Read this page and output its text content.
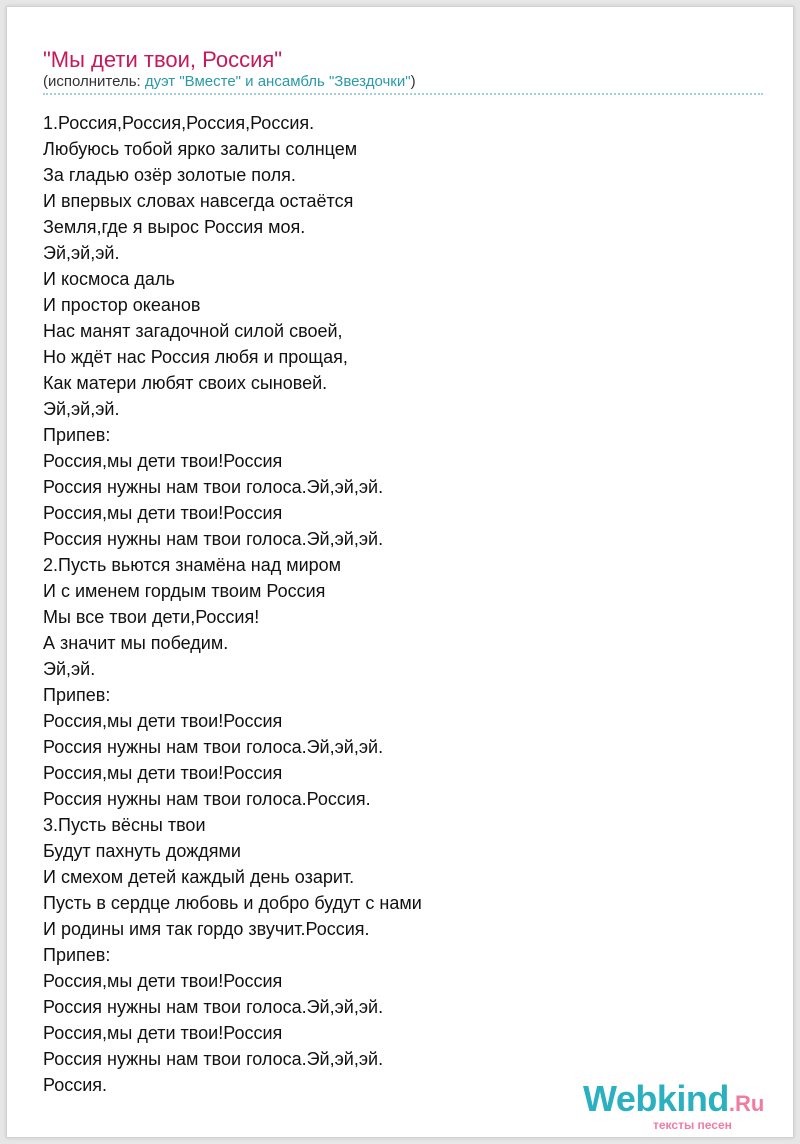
"Мы дети твои, Россия"
(исполнитель: дуэт "Вместе" и ансамбль "Звездочки")
1.Россия,Россия,Россия,Россия.
Любуюсь тобой ярко залиты солнцем
За гладью озёр золотые поля.
И впервых словах навсегда остаётся
Земля,где я вырос Россия моя.
Эй,эй,эй.
И космоса даль
И простор океанов
Нас манят загадочной силой своей,
Но ждёт нас Россия любя и прощая,
Как матери любят своих сыновей.
Эй,эй,эй.
Припев:
Россия,мы дети твои!Россия
Россия нужны нам твои голоса.Эй,эй,эй.
Россия,мы дети твои!Россия
Россия нужны нам твои голоса.Эй,эй,эй.
2.Пусть вьются знамёна над миром
И с именем гордым твоим Россия
Мы все твои дети,Россия!
А значит мы победим.
Эй,эй.
Припев:
Россия,мы дети твои!Россия
Россия нужны нам твои голоса.Эй,эй,эй.
Россия,мы дети твои!Россия
Россия нужны нам твои голоса.Россия.
3.Пусть вёсны твои
Будут пахнуть дождями
И смехом детей каждый день озарит.
Пусть в сердце любовь и добро будут с нами
И родины имя так гордо звучит.Россия.
Припев:
Россия,мы дети твои!Россия
Россия нужны нам твои голоса.Эй,эй,эй.
Россия,мы дети твои!Россия
Россия нужны нам твои голоса.Эй,эй,эй.
Россия.	Webkind.Ru
тексты песен
